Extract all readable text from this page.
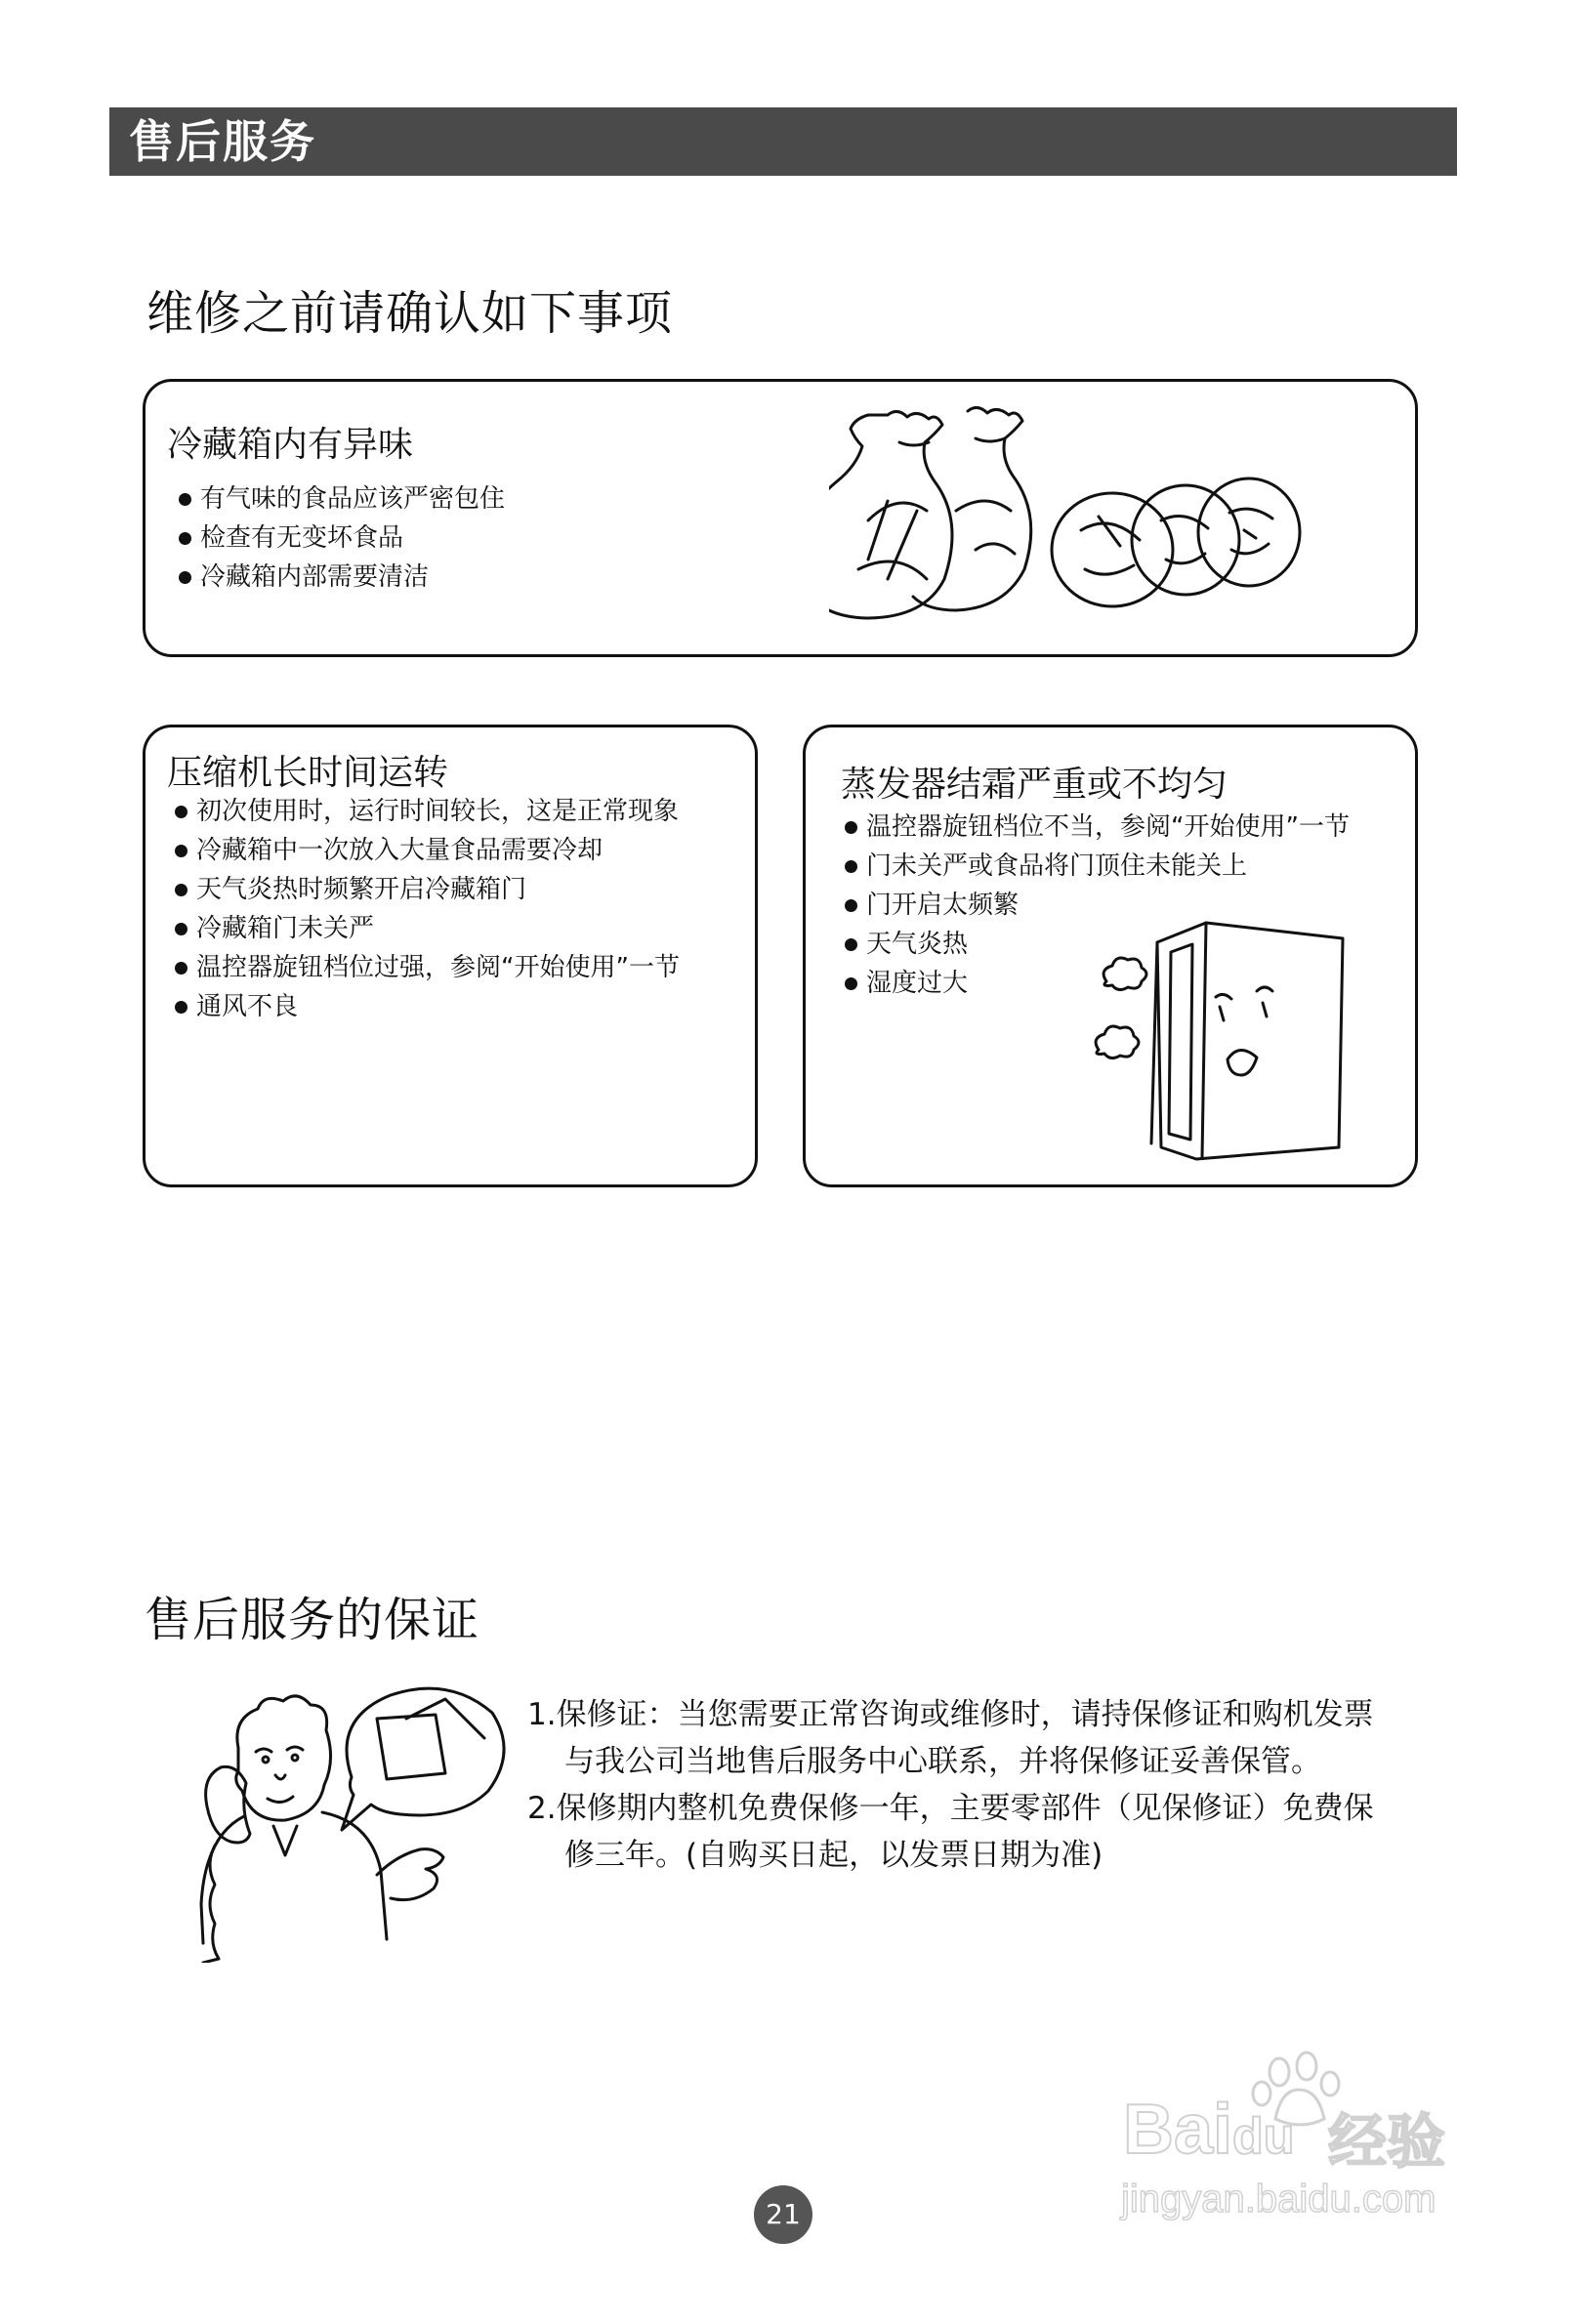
售后服务
维修之前请确认如下事项
冷藏箱内有异味
有气味的食品应该严密包住
检查有无变坏食品
冷藏箱内部需要清洁
压缩机长时间运转
初次使用时，运行时间较长，这是正常现象
冷藏箱中一次放入大量食品需要冷却
天气炎热时频繁开启冷藏箱门
冷藏箱门未关严
温控器旋钮档位过强，参阅“开始使用”一节
通风不良
蒸发器结霜严重或不均匀
温控器旋钮档位不当，参阅“开始使用”一节
门未关严或食品将门顶住未能关上
门开启太频繁
天气炎热
湿度过大
售后服务的保证
1.保修证：当您需要正常咨询或维修时，请持保修证和购机发票
与我公司当地售后服务中心联系，并将保修证妥善保管。
2.保修期内整机免费保修一年，主要零部件（见保修证）免费保
修三年。(自购买日起，以发票日期为准)
Baidu 经验
jingyan.baidu.com
21
